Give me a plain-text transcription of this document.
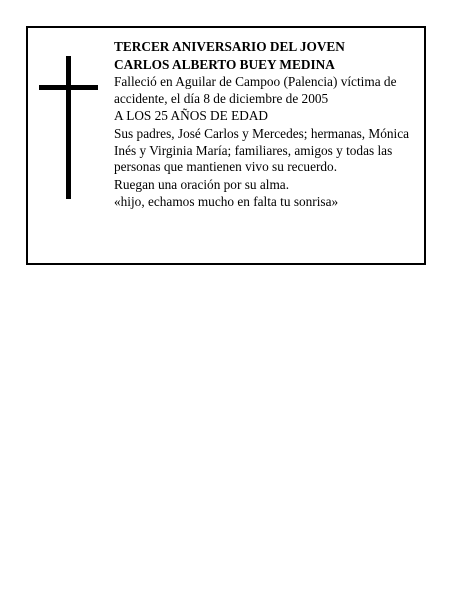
TERCER ANIVERSARIO DEL JOVEN

CARLOS ALBERTO BUEY MEDINA

Falleció en Aguilar de Campoo (Palencia) víctima de accidente, el día 8 de diciembre de 2005

A LOS 25 AÑOS DE EDAD

Sus padres, José Carlos y Mercedes; hermanas, Mónica Inés y Virginia María; familiares, amigos y todas las personas que mantienen vivo su recuerdo.

Ruegan una oración por su alma.

«hijo, echamos mucho en falta tu sonrisa»
